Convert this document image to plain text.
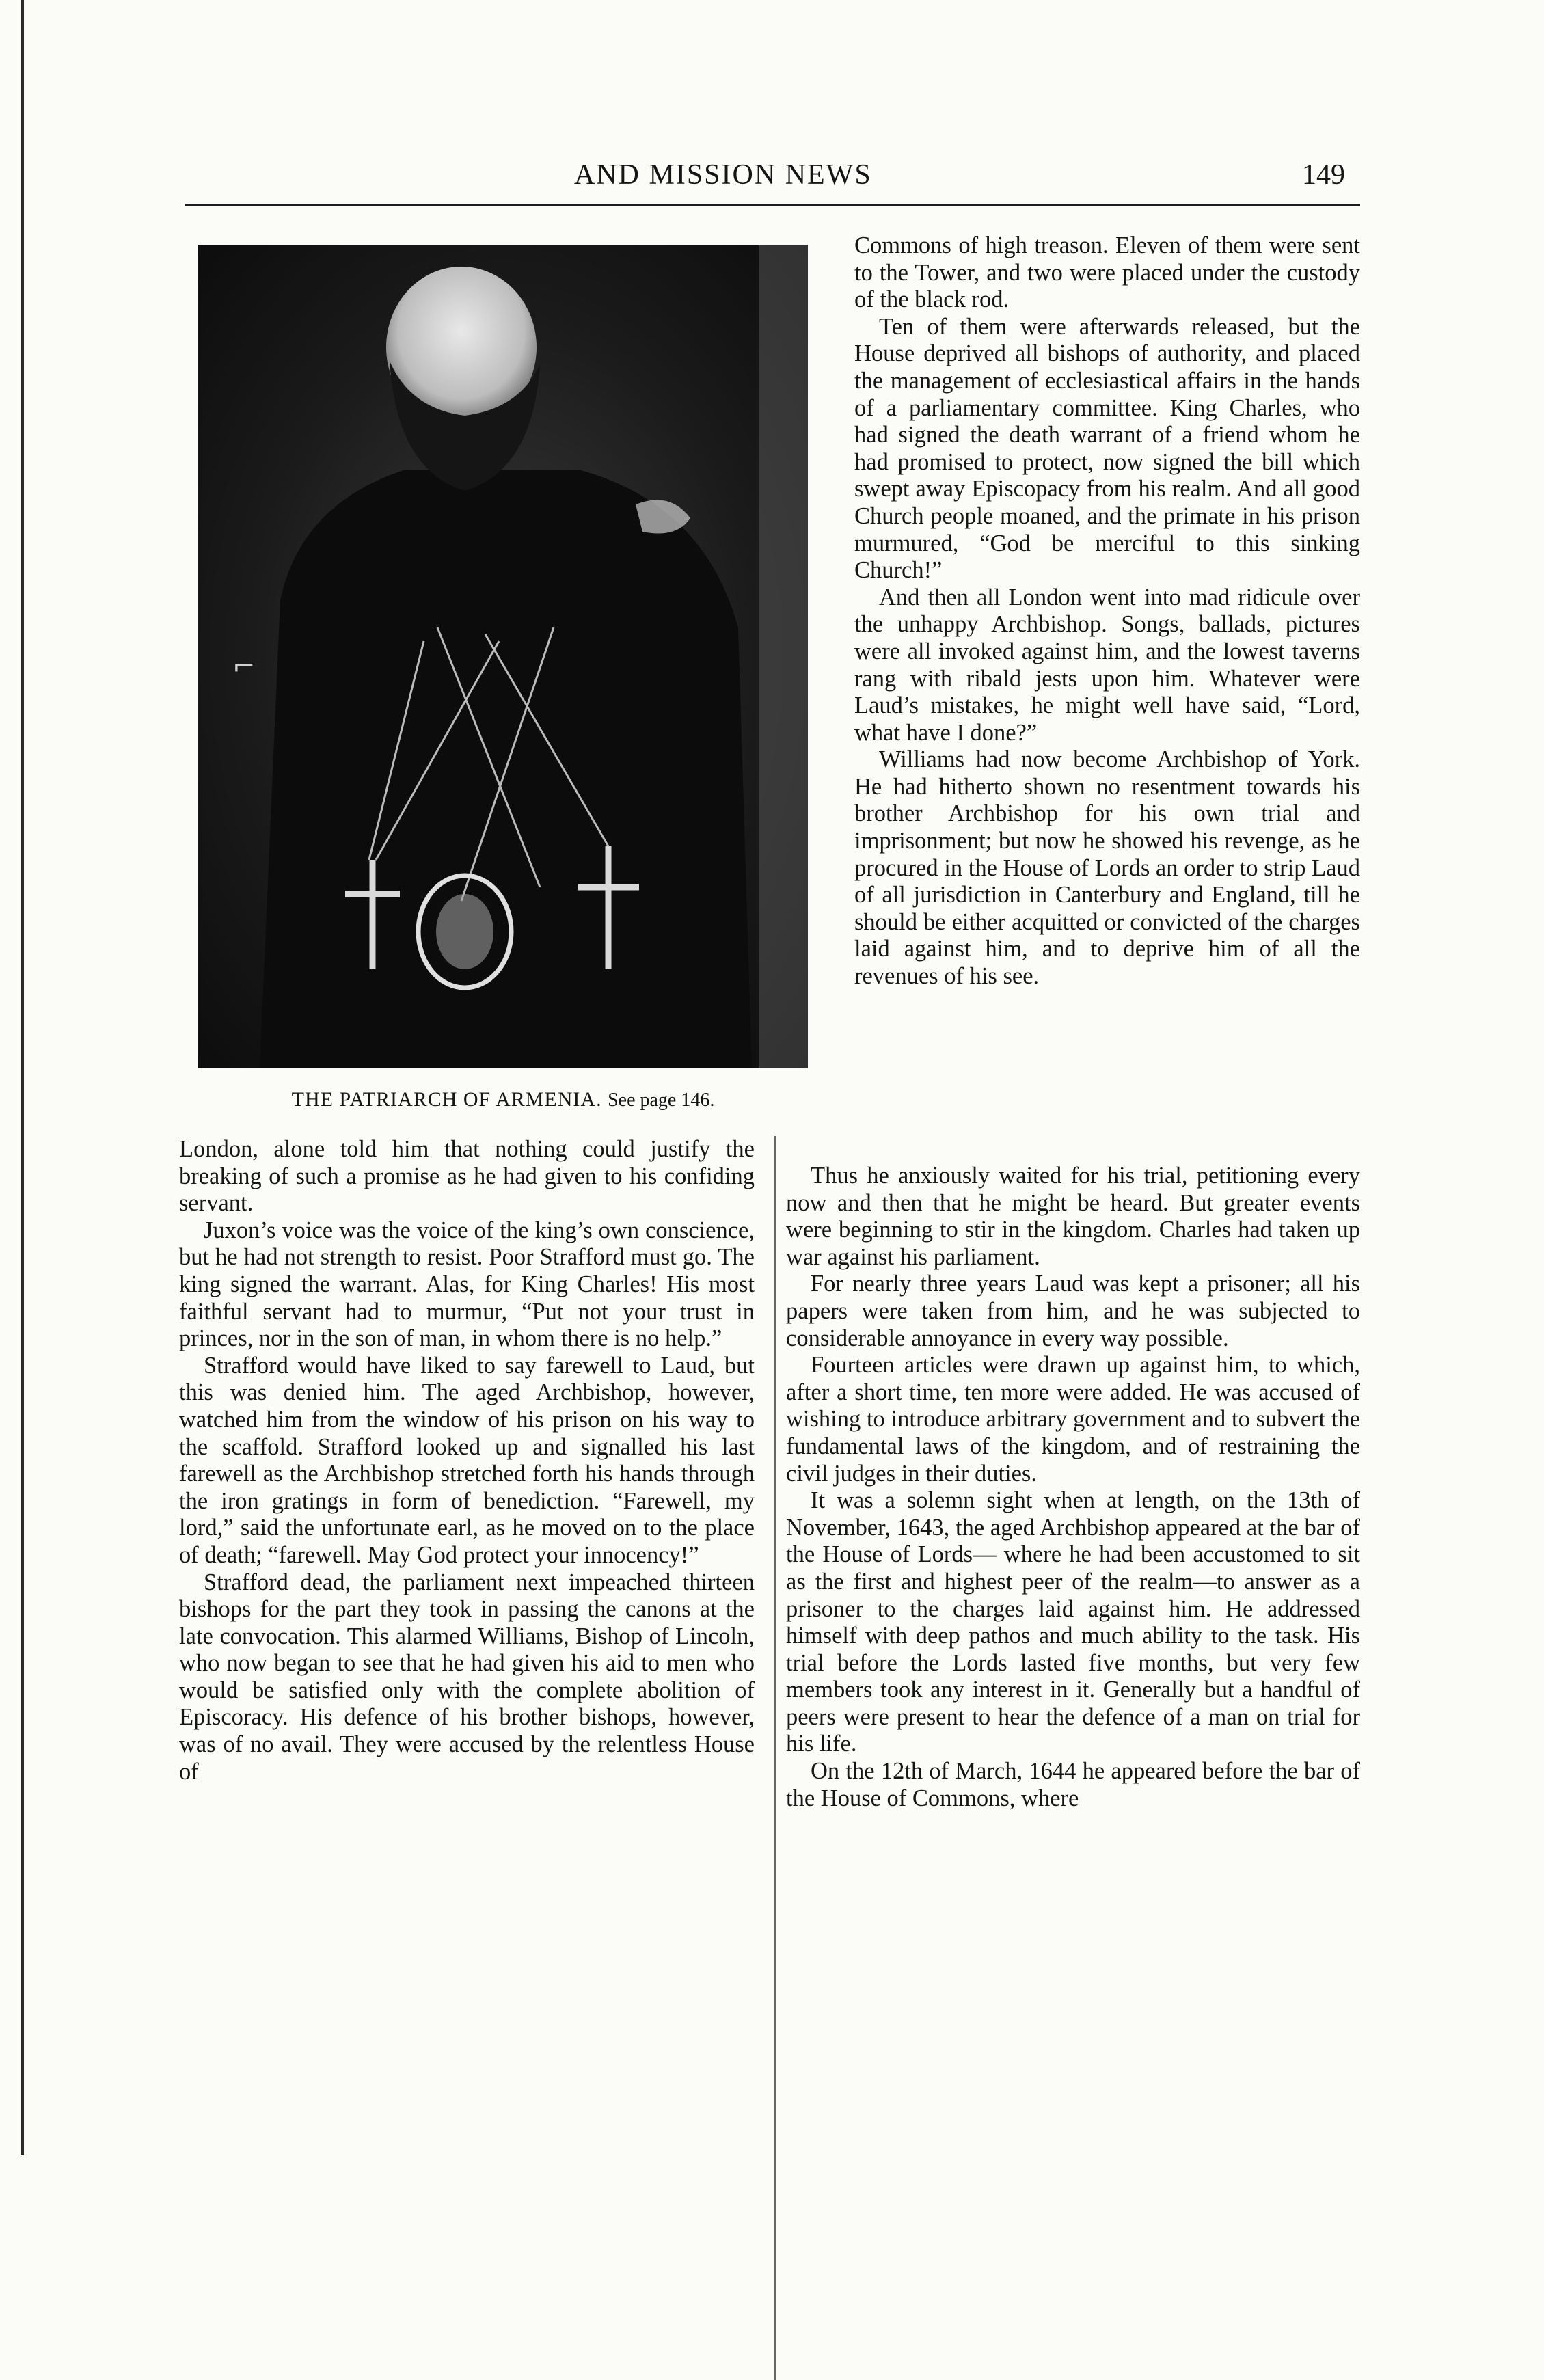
AND MISSION NEWS	149
⌐
THE PATRIARCH OF ARMENIA. See page 146.

Commons of high treason. Eleven of them were sent to the Tower, and two were placed under the custody of the black rod.

Ten of them were afterwards released, but the House deprived all bishops of authority, and placed the management of ecclesiastical affairs in the hands of a parliamentary committee. King Charles, who had signed the death warrant of a friend whom he had promised to protect, now signed the bill which swept away Episcopacy from his realm. And all good Church people moaned, and the primate in his prison murmured, “God be merciful to this sinking Church!”

And then all London went into mad ridicule over the unhappy Archbishop. Songs, ballads, pictures were all invoked against him, and the lowest taverns rang with ribald jests upon him. Whatever were Laud’s mistakes, he might well have said, “Lord, what have I done?”

Williams had now become Archbishop of York. He had hitherto shown no resentment towards his brother Archbishop for his own trial and imprisonment; but now he showed his revenge, as he procured in the House of Lords an order to strip Laud of all jurisdiction in Canterbury and England, till he should be either acquitted or convicted of the charges laid against him, and to deprive him of all the revenues of his see.

London, alone told him that nothing could justify the breaking of such a promise as he had given to his confiding servant.

Juxon’s voice was the voice of the king’s own conscience, but he had not strength to resist. Poor Strafford must go. The king signed the warrant. Alas, for King Charles! His most faithful servant had to murmur, “Put not your trust in princes, nor in the son of man, in whom there is no help.”

Strafford would have liked to say farewell to Laud, but this was denied him. The aged Archbishop, however, watched him from the window of his prison on his way to the scaffold. Strafford looked up and signalled his last farewell as the Archbishop stretched forth his hands through the iron gratings in form of benediction. “Farewell, my lord,” said the unfortunate earl, as he moved on to the place of death; “farewell. May God protect your innocency!”

Strafford dead, the parliament next impeached thirteen bishops for the part they took in passing the canons at the late convocation. This alarmed Williams, Bishop of Lincoln, who now began to see that he had given his aid to men who would be satisfied only with the complete abolition of Episcoracy. His defence of his brother bishops, however, was of no avail. They were accused by the relentless House of

Thus he anxiously waited for his trial, petitioning every now and then that he might be heard. But greater events were beginning to stir in the kingdom. Charles had taken up war against his parliament.

For nearly three years Laud was kept a prisoner; all his papers were taken from him, and he was subjected to considerable annoyance in every way possible.

Fourteen articles were drawn up against him, to which, after a short time, ten more were added. He was accused of wishing to introduce arbitrary government and to subvert the fundamental laws of the kingdom, and of restraining the civil judges in their duties.

It was a solemn sight when at length, on the 13th of November, 1643, the aged Archbishop appeared at the bar of the House of Lords— where he had been accustomed to sit as the first and highest peer of the realm—to answer as a prisoner to the charges laid against him. He addressed himself with deep pathos and much ability to the task. His trial before the Lords lasted five months, but very few members took any interest in it. Generally but a handful of peers were present to hear the defence of a man on trial for his life.

On the 12th of March, 1644 he appeared before the bar of the House of Commons, where
